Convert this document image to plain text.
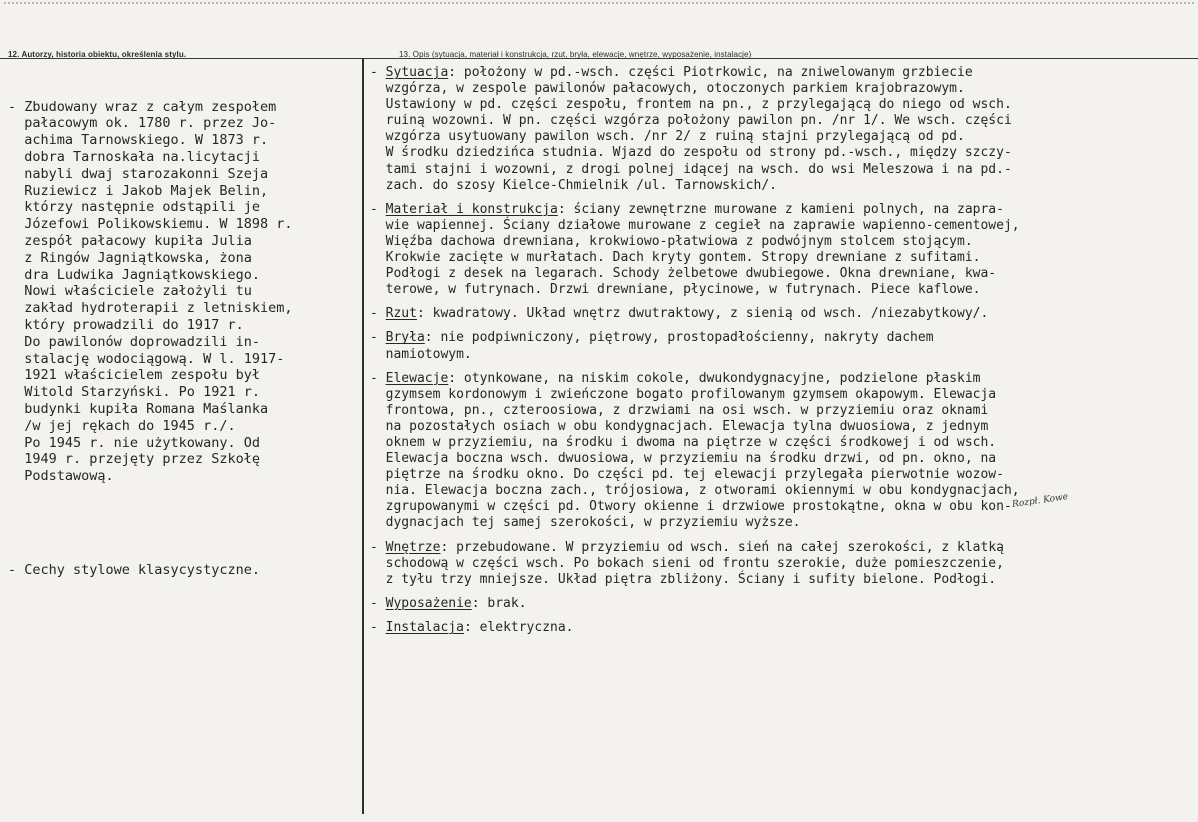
12. Autorzy, historia obiektu, określenia stylu.	13. Opis (sytuacja, materiał i konstrukcja, rzut, bryła, elewacje, wnętrze, wyposażenie, instalacje)

- Zbudowany wraz z całym zespołem
pałacowym ok. 1780 r. przez Jo-
achima Tarnowskiego. W 1873 r.
dobra Tarnoskała na.licytacji
nabyli dwaj starozakonni Szeja
Ruziewicz i Jakob Majek Belin,
którzy następnie odstąpili je
Józefowi Polikowskiemu. W 1898 r.
zespół pałacowy kupiła Julia
z Ringów Jagniątkowska, żona
dra Ludwika Jagniątkowskiego.
Nowi właściciele założyli tu
zakład hydroterapii z letniskiem,
który prowadzili do 1917 r.
Do pawilonów doprowadzili in-
stalację wodociągową. W l. 1917-
1921 właścicielem zespołu był
Witold Starzyński. Po 1921 r.
budynki kupiła Romana Maślanka
/w jej rękach do 1945 r./.
Po 1945 r. nie użytkowany. Od
1949 r. przejęty przez Szkołę
Podstawową.

- Cechy stylowe klasycystyczne.

- Sytuacja: położony w pd.-wsch. części Piotrkowic, na zniwelowanym grzbiecie
wzgórza, w zespole pawilonów pałacowych, otoczonych parkiem krajobrazowym.
Ustawiony w pd. części zespołu, frontem na pn., z przylegającą do niego od wsch.
ruiną wozowni. W pn. części wzgórza położony pawilon pn. /nr 1/. We wsch. części
wzgórza usytuowany pawilon wsch. /nr 2/ z ruiną stajni przylegającą od pd.
W środku dziedzińca studnia. Wjazd do zespołu od strony pd.-wsch., między szczy-
tami stajni i wozowni, z drogi polnej idącej na wsch. do wsi Meleszowa i na pd.-
zach. do szosy Kielce-Chmielnik /ul. Tarnowskich/.
- Materiał i konstrukcja: ściany zewnętrzne murowane z kamieni polnych, na zapra-
wie wapiennej. Ściany działowe murowane z cegieł na zaprawie wapienno-cementowej,
Więźba dachowa drewniana, krokwiowo-płatwiowa z podwójnym stolcem stojącym.
Krokwie zacięte w murłatach. Dach kryty gontem. Stropy drewniane z sufitami.
Podłogi z desek na legarach. Schody żelbetowe dwubiegowe. Okna drewniane, kwa-
terowe, w futrynach. Drzwi drewniane, płycinowe, w futrynach. Piece kaflowe.
- Rzut: kwadratowy. Układ wnętrz dwutraktowy, z sienią od wsch. /niezabytkowy/.
- Bryła: nie podpiwniczony, piętrowy, prostopadłościenny, nakryty dachem
namiotowym.
- Elewacje: otynkowane, na niskim cokole, dwukondygnacyjne, podzielone płaskim
gzymsem kordonowym i zwieńczone bogato profilowanym gzymsem okapowym. Elewacja
frontowa, pn., czteroosiowa, z drzwiami na osi wsch. w przyziemiu oraz oknami
na pozostałych osiach w obu kondygnacjach. Elewacja tylna dwuosiowa, z jednym
oknem w przyziemiu, na środku i dwoma na piętrze w części środkowej i od wsch.
Elewacja boczna wsch. dwuosiowa, w przyziemiu na środku drzwi, od pn. okno, na
piętrze na środku okno. Do części pd. tej elewacji przylegała pierwotnie wozow-
nia. Elewacja boczna zach., trójosiowa, z otworami okiennymi w obu kondygnacjach,
zgrupowanymi w części pd. Otwory okienne i drzwiowe prostokątne, okna w obu kon-
dygnacjach tej samej szerokości, w przyziemiu wyższe.
- Wnętrze: przebudowane. W przyziemiu od wsch. sień na całej szerokości, z klatką
schodową w części wsch. Po bokach sieni od frontu szerokie, duże pomieszczenie,
z tyłu trzy mniejsze. Układ piętra zbliżony. Ściany i sufity bielone. Podłogi.
- Wyposażenie: brak.
- Instalacja: elektryczna.
Rozpł. Kowe
